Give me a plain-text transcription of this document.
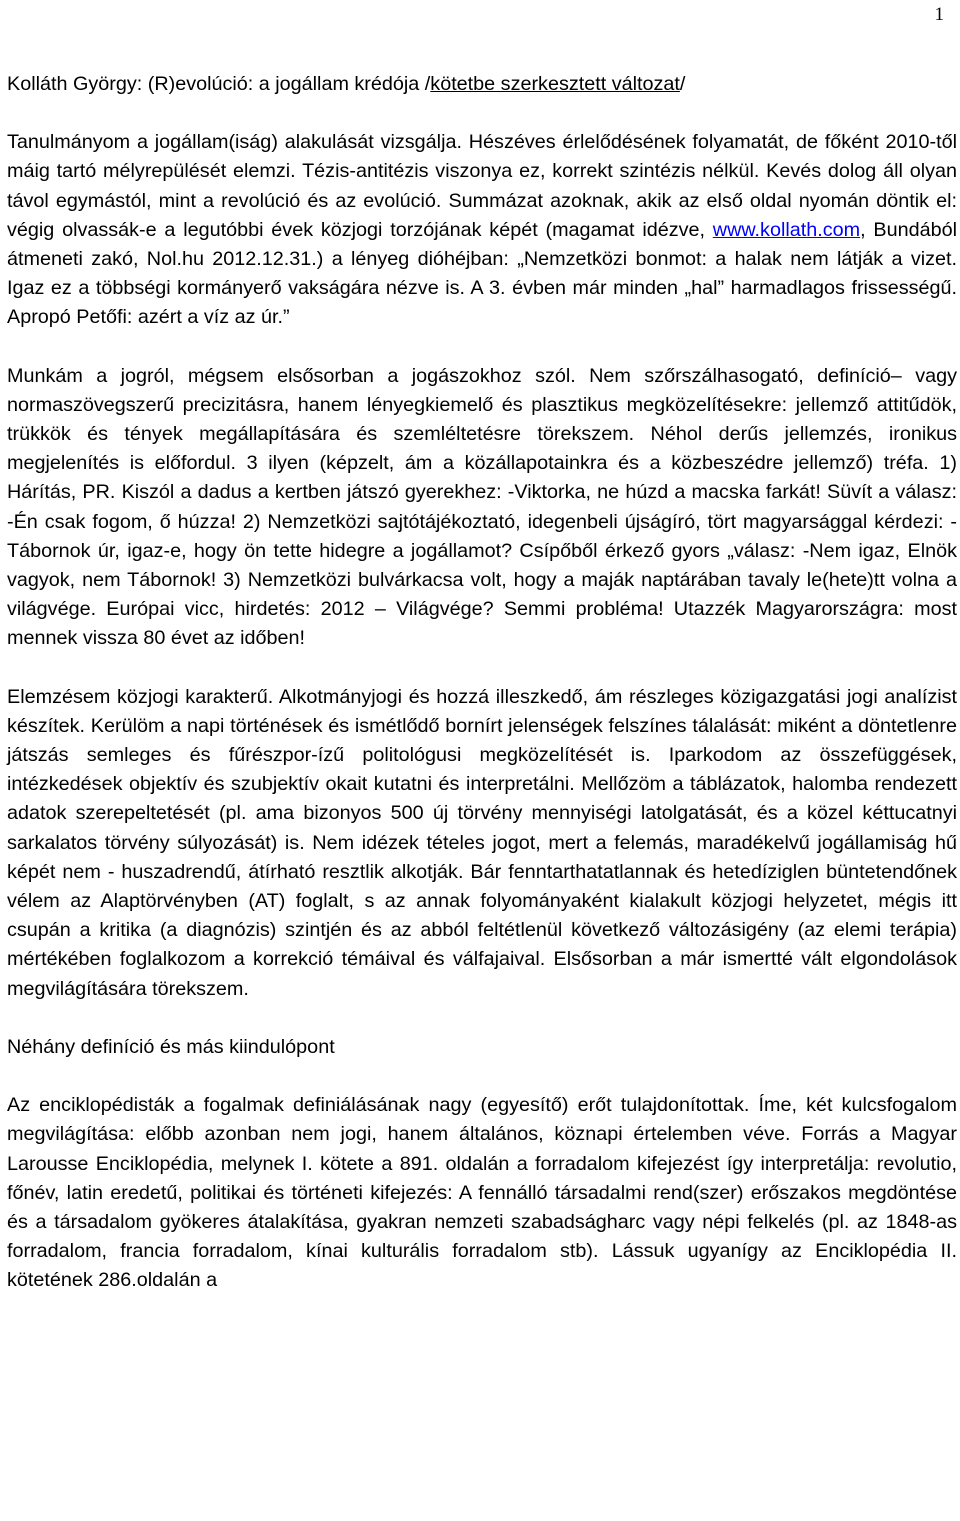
1

Kolláth György: (R)evolúció: a jogállam krédója /kötetbe szerkesztett változat/

Tanulmányom a jogállam(iság) alakulását vizsgálja. Hészéves érlelődésének folyamatát, de főként 2010-től máig tartó mélyrepülését elemzi. Tézis-antitézis viszonya ez, korrekt szintézis nélkül. Kevés dolog áll olyan távol egymástól, mint a revolúció és az evolúció. Summázat azoknak, akik az első oldal nyomán döntik el: végig olvassák-e a legutóbbi évek közjogi torzójának képét (magamat idézve, www.kollath.com, Bundából átmeneti zakó, Nol.hu 2012.12.31.) a lényeg dióhéjban: „Nemzetközi bonmot: a halak nem látják a vizet. Igaz ez a többségi kormányerő vakságára nézve is. A 3. évben már minden „hal” harmadlagos frissességű. Apropó Petőfi: azért a víz az úr.”

Munkám a jogról, mégsem elsősorban a jogászokhoz szól. Nem szőrszálhasogató, definíció– vagy normaszövegszerű precizitásra, hanem lényegkiemelő és plasztikus megközelítésekre: jellemző attitűdök, trükkök és tények megállapítására és szemléltetésre törekszem. Néhol derűs jellemzés, ironikus megjelenítés is előfordul. 3 ilyen (képzelt, ám a közállapotainkra és a közbeszédre jellemző) tréfa. 1) Hárítás, PR. Kiszól a dadus a kertben játszó gyerekhez: -Viktorka, ne húzd a macska farkát! Süvít a válasz: -Én csak fogom, ő húzza! 2) Nemzetközi sajtótájékoztató, idegenbeli újságíró, tört magyarsággal kérdezi: -Tábornok úr, igaz-e, hogy ön tette hidegre a jogállamot? Csípőből érkező gyors „válasz: -Nem igaz, Elnök vagyok, nem Tábornok! 3) Nemzetközi bulvárkacsa volt, hogy a maják naptárában tavaly le(hete)tt volna a világvége. Európai vicc, hirdetés: 2012 – Világvége? Semmi probléma! Utazzék Magyarországra: most mennek vissza 80 évet az időben!

Elemzésem közjogi karakterű. Alkotmányjogi és hozzá illeszkedő, ám részleges közigazgatási jogi analízist készítek. Kerülöm a napi történések és ismétlődő bornírt jelenségek felszínes tálalását: miként a döntetlenre játszás semleges és fűrészpor-ízű politológusi megközelítését is. Iparkodom az összefüggések, intézkedések objektív és szubjektív okait kutatni és interpretálni. Mellőzöm a táblázatok, halomba rendezett adatok szerepeltetését (pl. ama bizonyos 500 új törvény mennyiségi latolgatását, és a közel kéttucatnyi sarkalatos törvény súlyozását) is. Nem idézek tételes jogot, mert a felemás, maradékelvű jogállamiság hű képét nem - huszadrendű, átírható resztlik alkotják. Bár fenntarthatatlannak és hetedíziglen büntetendőnek vélem az Alaptörvényben (AT) foglalt, s az annak folyományaként kialakult közjogi helyzetet, mégis itt csupán a kritika (a diagnózis) szintjén és az abból feltétlenül következő változásigény (az elemi terápia) mértékében foglalkozom a korrekció témáival és válfajaival. Elsősorban a már ismertté vált elgondolások megvilágítására törekszem.

Néhány definíció és más kiindulópont

Az enciklopédisták a fogalmak definiálásának nagy (egyesítő) erőt tulajdonítottak. Íme, két kulcsfogalom megvilágítása: előbb azonban nem jogi, hanem általános, köznapi értelemben véve. Forrás a Magyar Larousse Enciklopédia, melynek I. kötete a 891. oldalán a forradalom kifejezést így interpretálja: revolutio, főnév, latin eredetű, politikai és történeti kifejezés: A fennálló társadalmi rend(szer) erőszakos megdöntése és a társadalom gyökeres átalakítása, gyakran nemzeti szabadságharc vagy népi felkelés (pl. az 1848-as forradalom, francia forradalom, kínai kulturális forradalom stb). Lássuk ugyanígy az Enciklopédia II. kötetének 286.oldalán a
